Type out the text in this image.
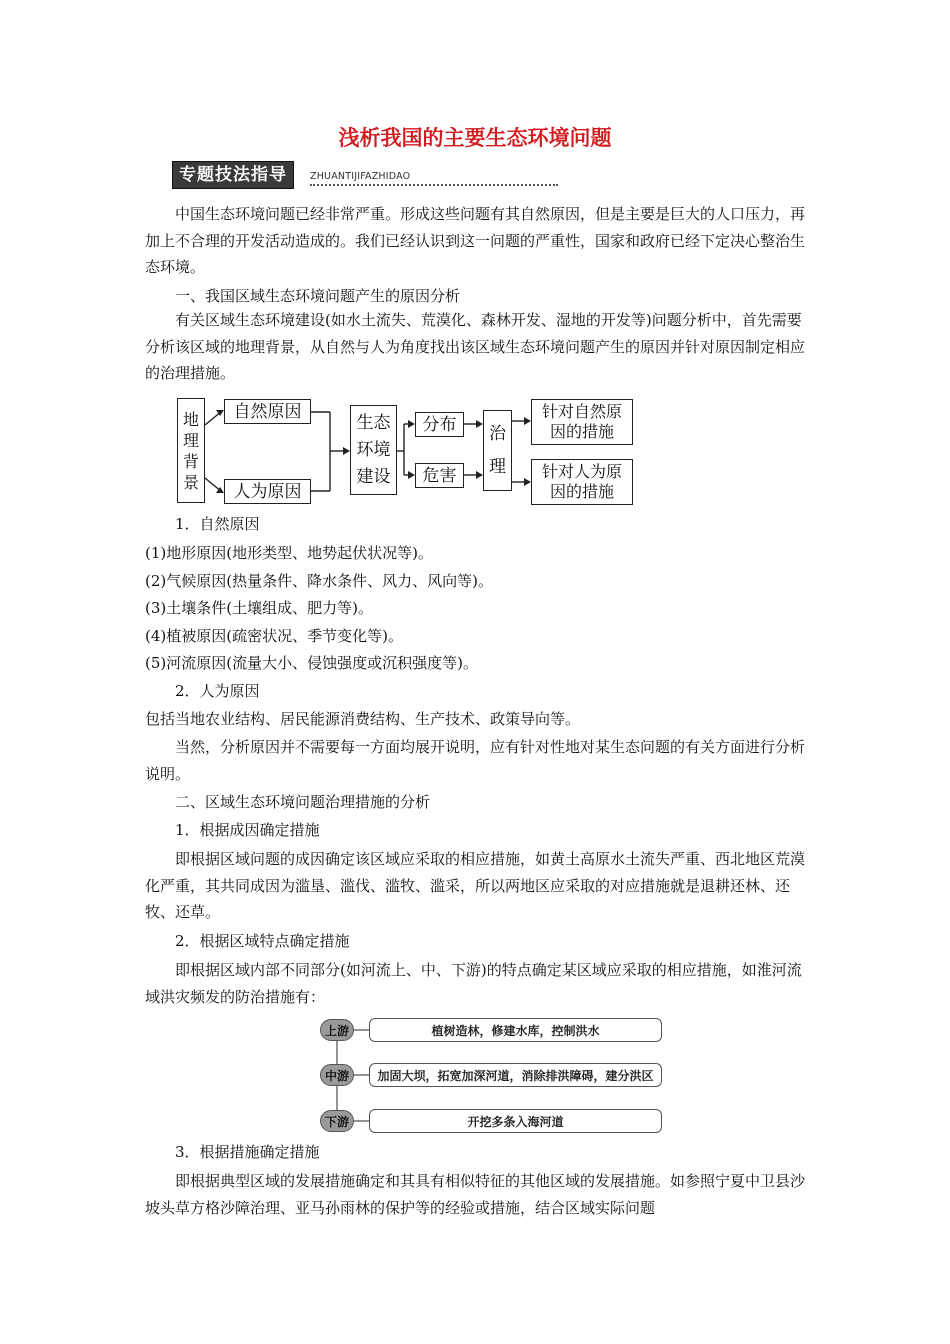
浅析我国的主要生态环境问题
专题技法指导	ZHUANTIJIFAZHIDAO

中国生态环境问题已经非常严重。形成这些问题有其自然原因，但是主要是巨大的人口压力，再加上不合理的开发活动造成的。我们已经认识到这一问题的严重性，国家和政府已经下定决心整治生态环境。

一、我国区域生态环境问题产生的原因分析

有关区域生态环境建设(如水土流失、荒漠化、森林开发、湿地的开发等)问题分析中，首先需要分析该区域的地理背景，从自然与人为角度找出该区域生态环境问题产生的原因并针对原因制定相应的治理措施。

地理
背景
自然原因
人为原因
生态
环境
建设
分布
危害
治
理
针对自然原
因的措施
针对人为原
因的措施
1．自然原因
(1)地形原因(地形类型、地势起伏状况等)。
(2)气候原因(热量条件、降水条件、风力、风向等)。
(3)土壤条件(土壤组成、肥力等)。
(4)植被原因(疏密状况、季节变化等)。
(5)河流原因(流量大小、侵蚀强度或沉积强度等)。
2．人为原因
包括当地农业结构、居民能源消费结构、生产技术、政策导向等。

当然，分析原因并不需要每一方面均展开说明，应有针对性地对某生态问题的有关方面进行分析说明。

二、区域生态环境问题治理措施的分析
1．根据成因确定措施

即根据区域问题的成因确定该区域应采取的相应措施，如黄土高原水土流失严重、西北地区荒漠化严重，其共同成因为滥垦、滥伐、滥牧、滥采，所以两地区应采取的对应措施就是退耕还林、还牧、还草。

2．根据区域特点确定措施

即根据区域内部不同部分(如河流上、中、下游)的特点确定某区域应采取的相应措施，如淮河流域洪灾频发的防治措施有：

上游
中游
下游
植树造林，修建水库，控制洪水
加固大坝，拓宽加深河道，消除排洪障碍，建分洪区
开挖多条入海河道
3．根据措施确定措施

即根据典型区域的发展措施确定和其具有相似特征的其他区域的发展措施。如参照宁夏中卫县沙坡头草方格沙障治理、亚马孙雨林的保护等的经验或措施，结合区域实际问题
